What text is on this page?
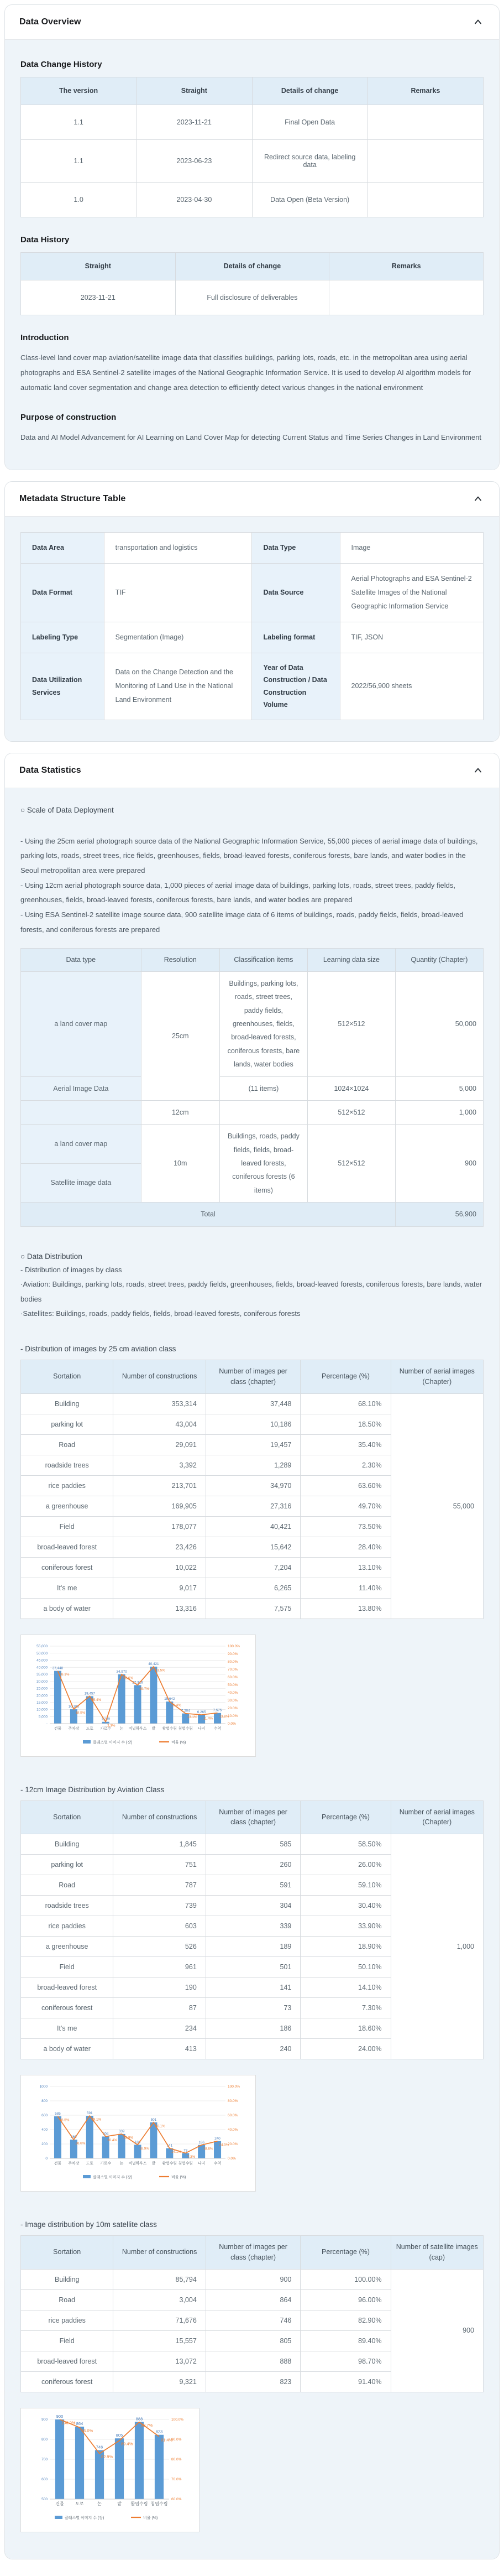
Data Overview
Data Change History
The version	Straight	Details of change	Remarks
1.1	2023-11-21	Final Open Data	
1.1	2023-06-23	Redirect source data, labeling data	
1.0	2023-04-30	Data Open (Beta Version)	
Data History
Straight	Details of change	Remarks
2023-11-21	Full disclosure of deliverables	
Introduction

Class-level land cover map aviation/satellite image data that classifies buildings, parking lots, roads, etc. in the metropolitan area using aerial photographs and ESA Sentinel-2 satellite images of the National Geographic Information Service. It is used to develop AI algorithm models for automatic land cover segmentation and change area detection to efficiently detect various changes in the national environment

Purpose of construction

Data and AI Model Advancement for AI Learning on Land Cover Map for detecting Current Status and Time Series Changes in Land Environment

Metadata Structure Table
Data Area	transportation and logistics	Data Type	Image
Data Format	TIF	Data Source	Aerial Photographs and ESA Sentinel-2 Satellite Images of the National Geographic Information Service
Labeling Type	Segmentation (Image)	Labeling format	TIF, JSON
Data Utilization Services	Data on the Change Detection and the Monitoring of Land Use in the National Land Environment	Year of Data Construction / Data Construction Volume	2022/56,900 sheets
Data Statistics

○ Scale of Data Deployment

- Using the 25cm aerial photograph source data of the National Geographic Information Service, 55,000 pieces of aerial image data of buildings, parking lots, roads, street trees, rice fields, greenhouses, fields, broad-leaved forests, coniferous forests, bare lands, and water bodies in the Seoul metropolitan area were prepared

- Using 12cm aerial photograph source data, 1,000 pieces of aerial image data of buildings, parking lots, roads, street trees, paddy fields, greenhouses, fields, broad-leaved forests, coniferous forests, bare lands, and water bodies are prepared

- Using ESA Sentinel-2 satellite image source data, 900 satellite image data of 6 items of buildings, roads, paddy fields, fields, broad-leaved forests, and coniferous forests are prepared

Data type	Resolution	Classification items	Learning data size	Quantity (Chapter)
a land cover map	25cm	Buildings, parking lots, roads, street trees, paddy fields, greenhouses, fields, broad-leaved forests, coniferous forests, bare lands, water bodies	512×512	50,000
Aerial Image Data		(11 items)	1024×1024	5,000
	12cm		512×512	1,000
a land cover map	10m	Buildings, roads, paddy fields, fields, broad-leaved forests, coniferous forests (6 items)	512×512	900
Satellite image data				
Total				56,900

○ Data Distribution

- Distribution of images by class

·Aviation: Buildings, parking lots, roads, street trees, paddy fields, greenhouses, fields, broad-leaved forests, coniferous forests, bare lands, water bodies

·Satellites: Buildings, roads, paddy fields, fields, broad-leaved forests, coniferous forests

- Distribution of images by 25 cm aviation class

Sortation	Number of constructions	Number of images per class (chapter)	Percentage (%)	Number of aerial images (Chapter)
Building	353,314	37,448	68.10%	55,000
parking lot	43,004	10,186	18.50%	
Road	29,091	19,457	35.40%	
roadside trees	3,392	1,289	2.30%	
rice paddies	213,701	34,970	63.60%	
a greenhouse	169,905	27,316	49.70%	
Field	178,077	40,421	73.50%	
broad-leaved forest	23,426	15,642	28.40%	
coniferous forest	10,022	7,204	13.10%	
It's me	9,017	6,265	11.40%	
a body of water	13,316	7,575	13.80%	
55,000
50,000
45,000
40,000
35,000
30,000
25,000
20,000
15,000
10,000
5,000
-
100.0%
90.0%
80.0%
70.0%
60.0%
50.0%
40.0%
30.0%
20.0%
10.0%
0.0%
37,448
건물
10,186
주차장
19,457
도로
1,289
가로수
34,970
논
27,316
비닐하우스
40,421
밭
15,642
활엽수림
7,204
침엽수림
6,265
나지
7,575
수역
68.1%
18.5%
35.4%
2.3%
63.6%
49.7%
73.5%
28.4%
13.1% 11.4% 13.8%
클래스별 이미지 수 (장)	비율 (%)

- 12cm Image Distribution by Aviation Class

Sortation	Number of constructions	Number of images per class (chapter)	Percentage (%)	Number of aerial images (Chapter)
Building	1,845	585	58.50%	1,000
parking lot	751	260	26.00%	
Road	787	591	59.10%	
roadside trees	739	304	30.40%	
rice paddies	603	339	33.90%	
a greenhouse	526	189	18.90%	
Field	961	501	50.10%	
broad-leaved forest	190	141	14.10%	
coniferous forest	87	73	7.30%	
It's me	234	186	18.60%	
a body of water	413	240	24.00%	
1000
800
600
400
200
0
100.0%
80.0%
60.0%
40.0%
20.0%
0.0%
585
건물
260
주차장
591
도로
304
가로수
339
논
189
비닐하우스
501
밭
141
활엽수림
73
침엽수림
186
나지
240
수역
58.5%
26.0%
59.1%
30.4%
33.9%
18.9%
50.1%
14.1%
7.3%
18.6%
24.0%
클래스별 이미지 수 (장)	비율 (%)

- Image distribution by 10m satellite class

Sortation	Number of constructions	Number of images per class (chapter)	Percentage (%)	Number of satellite images (cap)
Building	85,794	900	100.00%	900
Road	3,004	864	96.00%	
rice paddies	71,676	746	82.90%	
Field	15,557	805	89.40%	
broad-leaved forest	13,072	888	98.70%	
coniferous forest	9,321	823	91.40%	
900
800
700
600
500
100.0%
90.0%
80.0%
70.0%
60.0%
900
건물
864
도로
746
논
805
밭
888
활엽수림
823
침엽수림
100.0%
96.0%
82.9%
89.4%
98.7%
91.4%
클래스별 이미지 수 (장)	비율 (%)
